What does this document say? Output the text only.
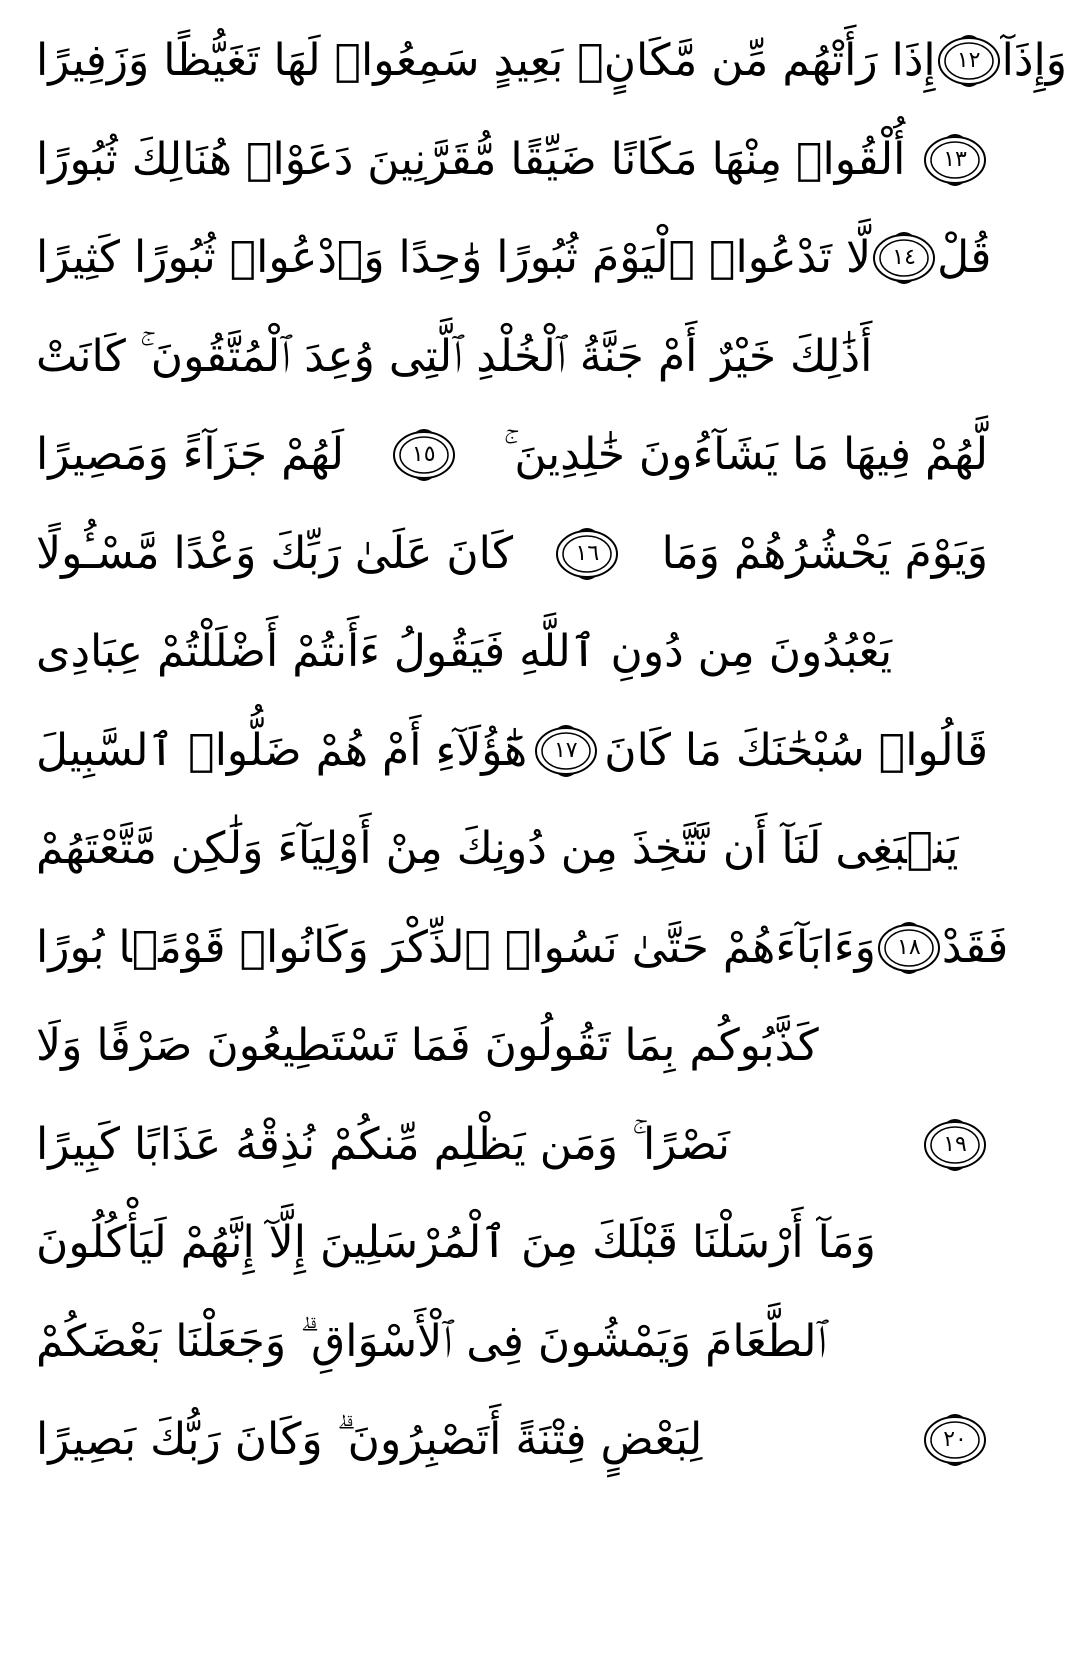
إِذَا رَأَتْهُم مِّن مَّكَانٍۭ بَعِيدٍ سَمِعُوا۟ لَهَا تَغَيُّظًا وَزَفِيرًا ١٢ وَإِذَآ
أُلْقُوا۟ مِنْهَا مَكَانًا ضَيِّقًا مُّقَرَّنِينَ دَعَوْا۟ هُنَالِكَ ثُبُورًا ١٣
لَّا تَدْعُوا۟ ٱلْيَوْمَ ثُبُورًا وَٰحِدًا وَٱدْعُوا۟ ثُبُورًا كَثِيرًا ١٤ قُلْ
أَذَٰلِكَ خَيْرٌ أَمْ جَنَّةُ ٱلْخُلْدِ ٱلَّتِى وُعِدَ ٱلْمُتَّقُونَ ۚ كَانَتْ
لَهُمْ جَزَآءً وَمَصِيرًا	١٥ لَّهُمْ فِيهَا مَا يَشَآءُونَ خَٰلِدِينَ ۚ
كَانَ عَلَىٰ رَبِّكَ وَعْدًا مَّسْـُٔولًا	١٦ وَيَوْمَ يَحْشُرُهُمْ وَمَا
يَعْبُدُونَ مِن دُونِ ٱللَّهِ فَيَقُولُ ءَأَنتُمْ أَضْلَلْتُمْ عِبَادِى
هَٰٓؤُلَآءِ أَمْ هُمْ ضَلُّوا۟ ٱلسَّبِيلَ ١٧ قَالُوا۟ سُبْحَٰنَكَ مَا كَانَ
يَنۢبَغِى لَنَآ أَن نَّتَّخِذَ مِن دُونِكَ مِنْ أَوْلِيَآءَ وَلَٰكِن مَّتَّعْتَهُمْ
وَءَابَآءَهُمْ حَتَّىٰ نَسُوا۟ ٱلذِّكْرَ وَكَانُوا۟ قَوْمًۢا بُورًا ١٨ فَقَدْ
كَذَّبُوكُم بِمَا تَقُولُونَ فَمَا تَسْتَطِيعُونَ صَرْفًا وَلَا
نَصْرًا ۚ وَمَن يَظْلِم مِّنكُمْ نُذِقْهُ عَذَابًا كَبِيرًا	١٩
وَمَآ أَرْسَلْنَا قَبْلَكَ مِنَ ٱلْمُرْسَلِينَ إِلَّآ إِنَّهُمْ لَيَأْكُلُونَ
ٱلطَّعَامَ وَيَمْشُونَ فِى ٱلْأَسْوَاقِ ۗ وَجَعَلْنَا بَعْضَكُمْ
لِبَعْضٍ فِتْنَةً أَتَصْبِرُونَ ۗ وَكَانَ رَبُّكَ بَصِيرًا	٢٠
